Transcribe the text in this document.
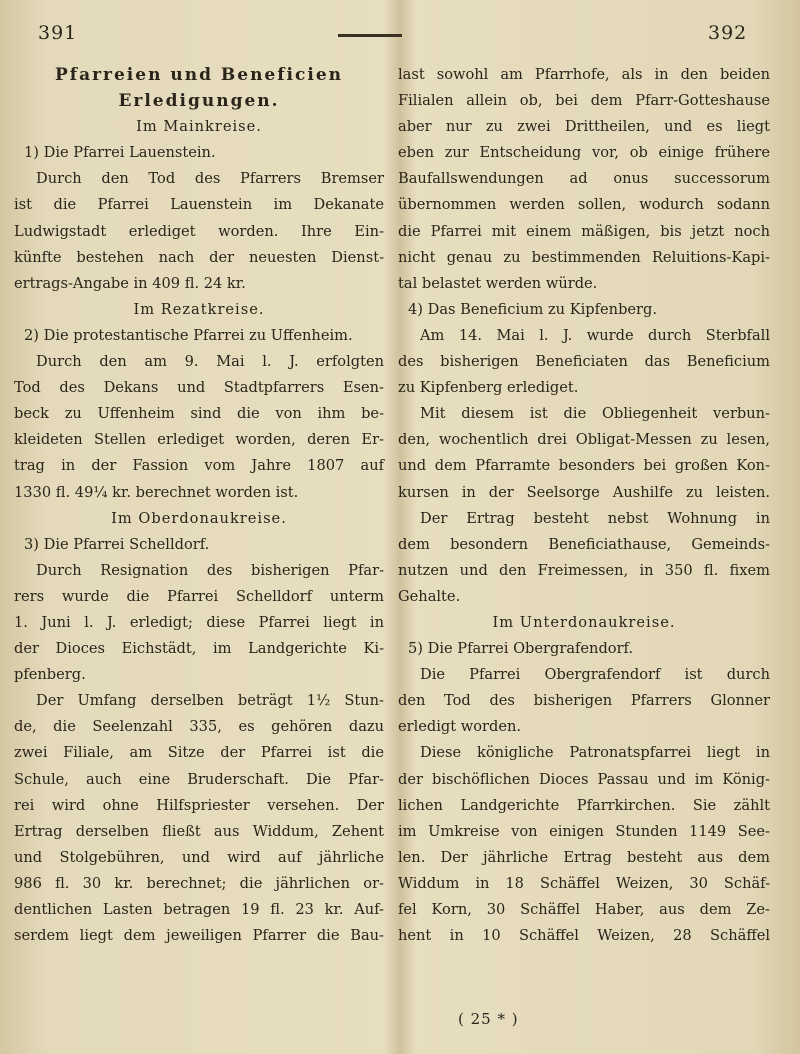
391	392
Pfarreien und Beneficien
Erledigungen.
Im Mainkreise.
1) Die Pfarrei Lauenstein.
Durch den Tod des Pfarrers Bremser
ist die Pfarrei Lauenstein im Dekanate
Ludwigstadt erlediget worden. Ihre Ein-
künfte bestehen nach der neuesten Dienst-
ertrags-Angabe in 409 fl. 24 kr.
Im Rezatkreise.
2) Die protestantische Pfarrei zu Uffenheim.
Durch den am 9. Mai l. J. erfolgten
Tod des Dekans und Stadtpfarrers Esen-
beck zu Uffenheim sind die von ihm be-
kleideten Stellen erlediget worden, deren Er-
trag in der Fassion vom Jahre 1807 auf
1330 fl. 49¼ kr. berechnet worden ist.
Im Oberdonaukreise.
3) Die Pfarrei Schelldorf.
Durch Resignation des bisherigen Pfar-
rers wurde die Pfarrei Schelldorf unterm
1. Juni l. J. erledigt; diese Pfarrei liegt in
der Dioces Eichstädt, im Landgerichte Ki-
pfenberg.
Der Umfang derselben beträgt 1½ Stun-
de, die Seelenzahl 335, es gehören dazu
zwei Filiale, am Sitze der Pfarrei ist die
Schule, auch eine Bruderschaft. Die Pfar-
rei wird ohne Hilfspriester versehen. Der
Ertrag derselben fließt aus Widdum, Zehent
und Stolgebühren, und wird auf jährliche
986 fl. 30 kr. berechnet; die jährlichen or-
dentlichen Lasten betragen 19 fl. 23 kr. Auf-
serdem liegt dem jeweiligen Pfarrer die Bau-
last sowohl am Pfarrhofe, als in den beiden
Filialen allein ob, bei dem Pfarr-Gotteshause
aber nur zu zwei Drittheilen, und es liegt
eben zur Entscheidung vor, ob einige frühere
Baufallswendungen ad onus successorum
übernommen werden sollen, wodurch sodann
die Pfarrei mit einem mäßigen, bis jetzt noch
nicht genau zu bestimmenden Reluitions-Kapi-
tal belastet werden würde.
4) Das Beneficium zu Kipfenberg.
Am 14. Mai l. J. wurde durch Sterbfall
des bisherigen Beneficiaten das Beneficium
zu Kipfenberg erlediget.
Mit diesem ist die Obliegenheit verbun-
den, wochentlich drei Obligat-Messen zu lesen,
und dem Pfarramte besonders bei großen Kon-
kursen in der Seelsorge Aushilfe zu leisten.
Der Ertrag besteht nebst Wohnung in
dem besondern Beneficiathause, Gemeinds-
nutzen und den Freimessen, in 350 fl. fixem
Gehalte.
Im Unterdonaukreise.
5) Die Pfarrei Obergrafendorf.
Die Pfarrei Obergrafendorf ist durch
den Tod des bisherigen Pfarrers Glonner
erledigt worden.
Diese königliche Patronatspfarrei liegt in
der bischöflichen Dioces Passau und im König-
lichen Landgerichte Pfarrkirchen. Sie zählt
im Umkreise von einigen Stunden 1149 See-
len. Der jährliche Ertrag besteht aus dem
Widdum in 18 Schäffel Weizen, 30 Schäf-
fel Korn, 30 Schäffel Haber, aus dem Ze-
hent in 10 Schäffel Weizen, 28 Schäffel
( 25 * )
